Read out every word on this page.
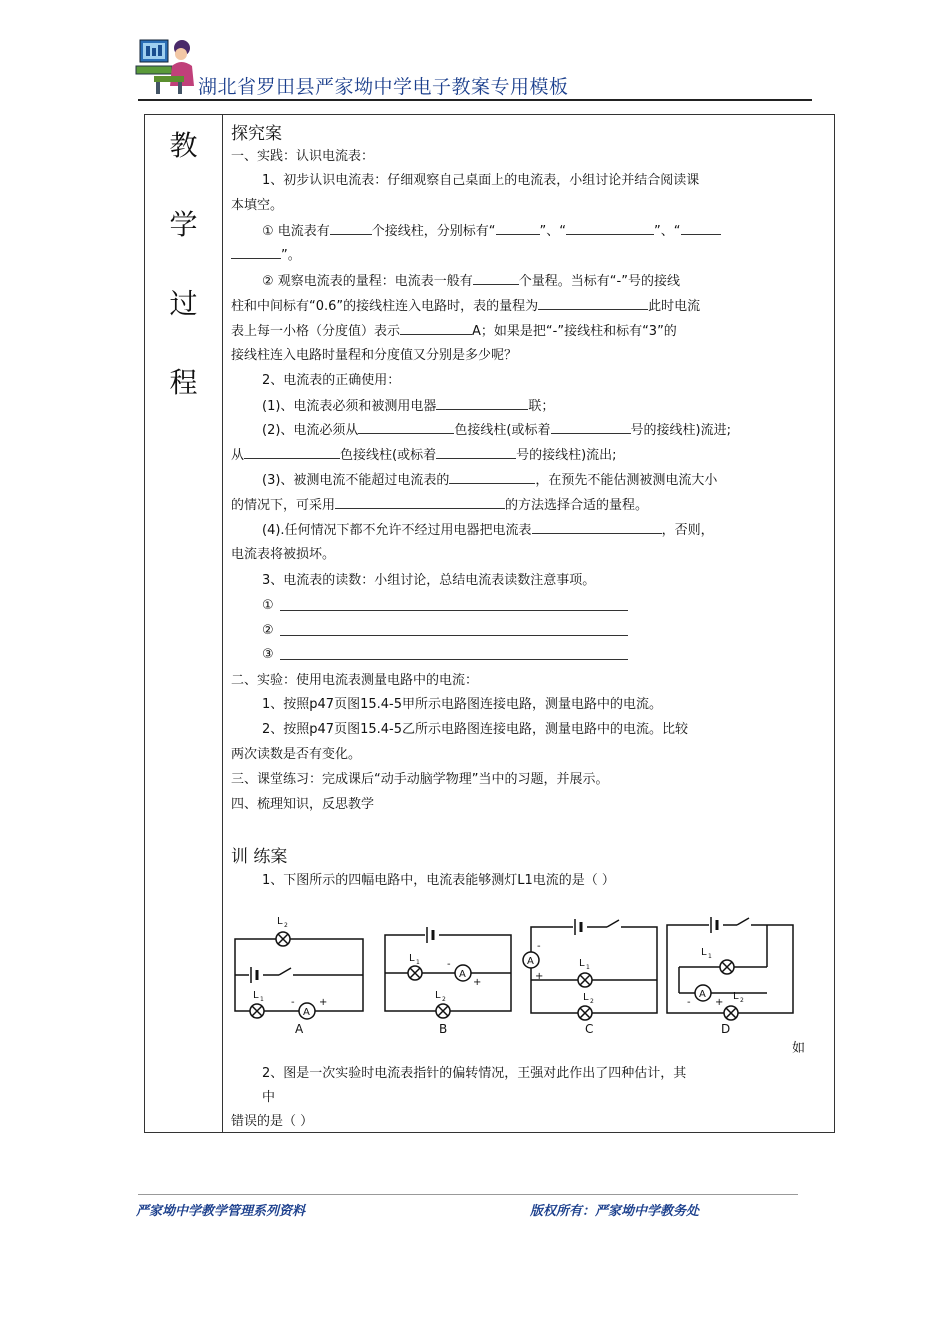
湖北省罗田县严家坳中学电子教案专用模板
教
学
过
程
探究案
一、实践：认识电流表：
1、初步认识电流表：仔细观察自己桌面上的电流表，小组讨论并结合阅读课
本填空。
① 电流表有	个接线柱，分别标有“	”、“	”、“
”。
② 观察电流表的量程：电流表一般有	个量程。当标有“-”号的接线
柱和中间标有“0.6”的接线柱连入电路时，表的量程为	此时电流
表上每一小格（分度值）表示	A；如果是把“-”接线柱和标有“3”的
接线柱连入电路时量程和分度值又分别是多少呢？
2、电流表的正确使用：
(1)、电流表必须和被测用电器	联；
(2)、电流必须从	色接线柱(或标着	号的接线柱)流进;
从	色接线柱(或标着	号的接线柱)流出;
(3)、被测电流不能超过电流表的	，在预先不能估测被测电流大小
的情况下，可采用	的方法选择合适的量程。
(4).任何情况下都不允许不经过用电器把电流表	，否则，
电流表将被损坏。
3、电流表的读数：小组讨论，总结电流表读数注意事项。
①
②
③
二、实验：使用电流表测量电路中的电流：
1、按照p47页图15.4-5甲所示电路图连接电路，测量电路中的电流。
2、按照p47页图15.4-5乙所示电路图连接电路，测量电路中的电流。比较
两次读数是否有变化。
三、课堂练习：完成课后“动手动脑学物理”当中的习题，并展示。
四、梳理知识，反思教学
训 练案
1、下图所示的四幅电路中，电流表能够测灯L1电流的是（ ）
L 2
L 1
A
- +
A
L 1
A
-
+
L 2
B
A
-
+
L 1
L 2
C
L 1
A
- +
L 2
D
如
2、图是一次实验时电流表指针的偏转情况，王强对此作出了四种估计，其
中
错误的是（ ）
严家坳中学教学管理系列资料	版权所有：严家坳中学教务处
